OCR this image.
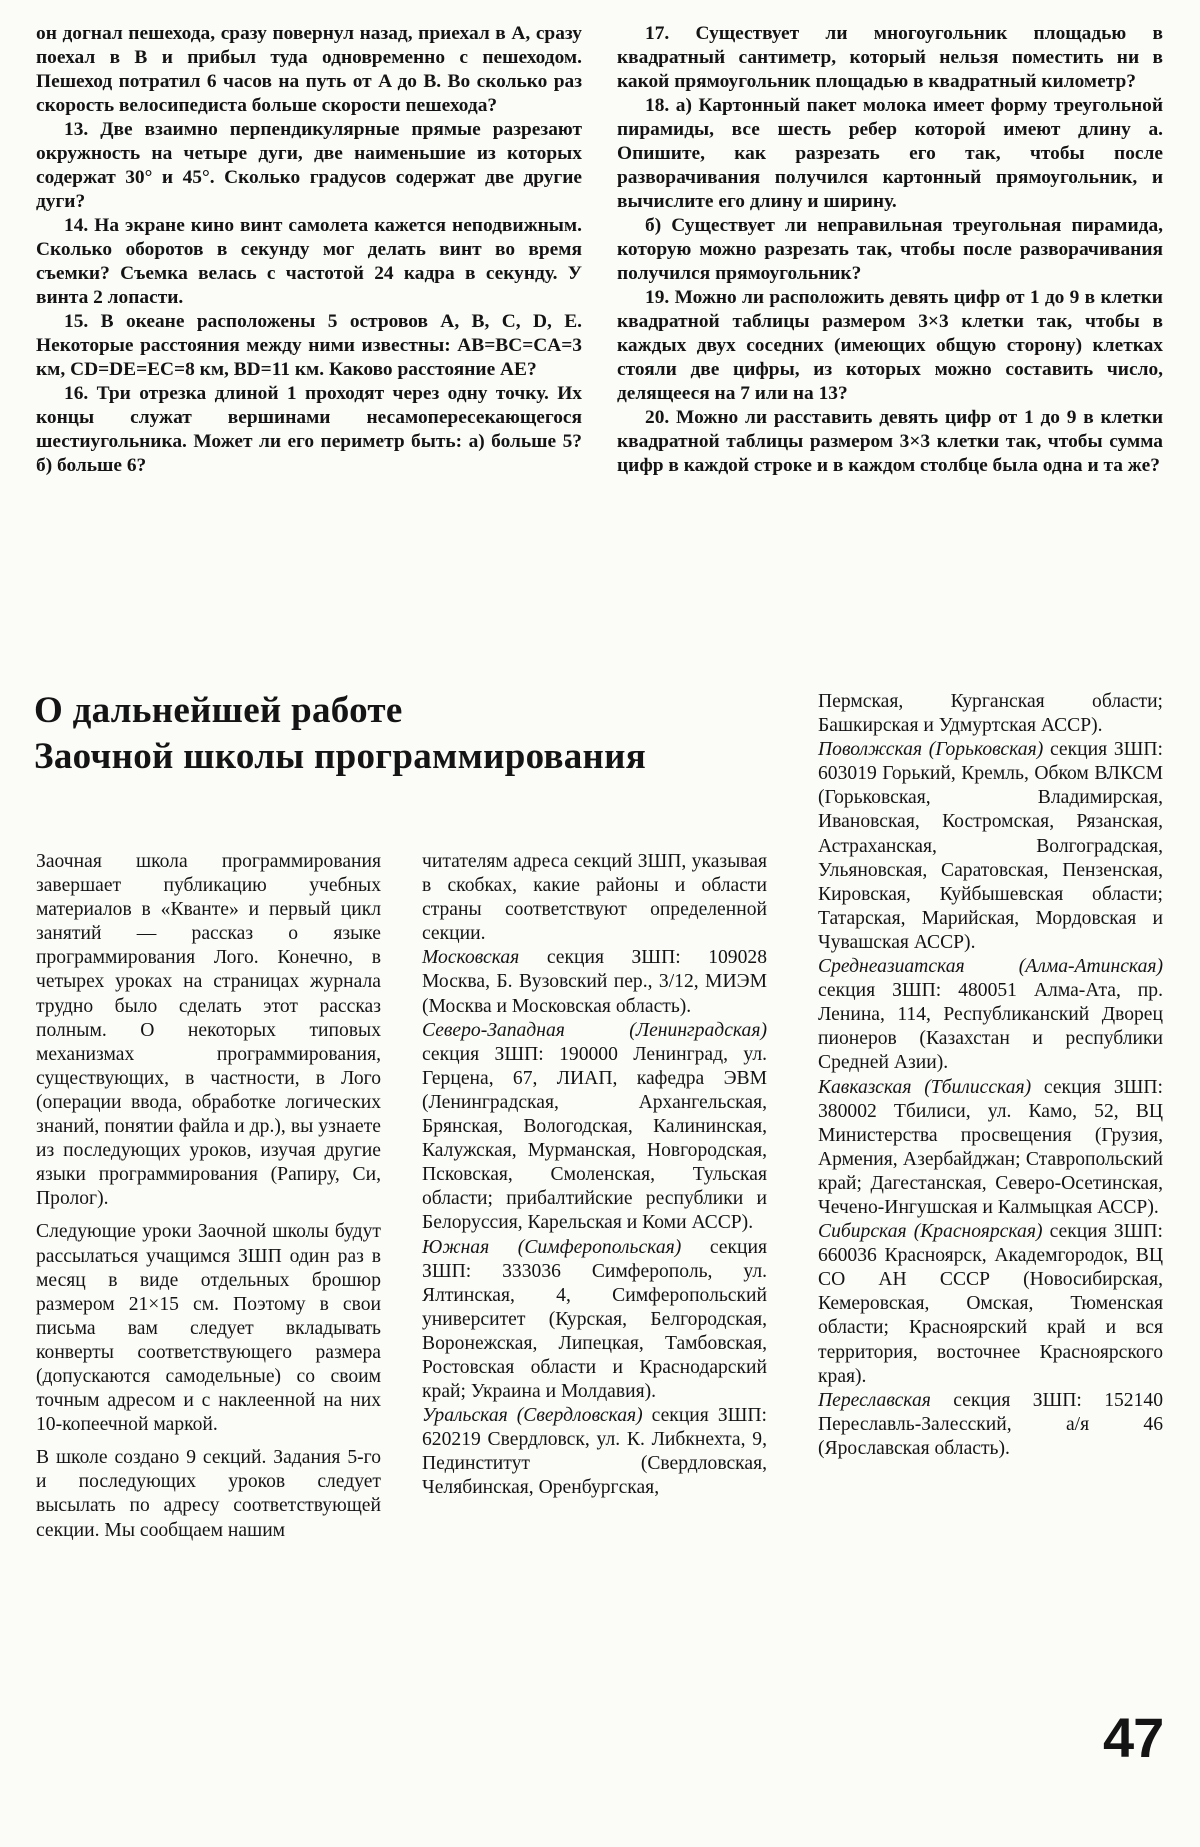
он догнал пешехода, сразу повернул назад, приехал в A, сразу поехал в B и прибыл туда одновременно с пешеходом. Пешеход потратил 6 часов на путь от A до B. Во сколько раз скорость велосипедиста больше скорости пешехода?

13. Две взаимно перпендикулярные прямые разрезают окружность на четыре дуги, две наименьшие из которых содержат 30° и 45°. Сколько градусов содержат две другие дуги?

14. На экране кино винт самолета кажется неподвижным. Сколько оборотов в секунду мог делать винт во время съемки? Съемка велась с частотой 24 кадра в секунду. У винта 2 лопасти.

15. В океане расположены 5 островов A, B, C, D, E. Некоторые расстояния между ними известны: AB=BC=CA=3 км, CD=DE=EC=8 км, BD=11 км. Каково расстояние AE?

16. Три отрезка длиной 1 проходят через одну точку. Их концы служат вершинами несамопересекающегося шестиугольника. Может ли его периметр быть: а) больше 5? б) больше 6?

17. Существует ли многоугольник площадью в квадратный сантиметр, который нельзя поместить ни в какой прямоугольник площадью в квадратный километр?

18. а) Картонный пакет молока имеет форму треугольной пирамиды, все шесть ребер которой имеют длину a. Опишите, как разрезать его так, чтобы после разворачивания получился картонный прямоугольник, и вычислите его длину и ширину.

б) Существует ли неправильная треугольная пирамида, которую можно разрезать так, чтобы после разворачивания получился прямоугольник?

19. Можно ли расположить девять цифр от 1 до 9 в клетки квадратной таблицы размером 3×3 клетки так, чтобы в каждых двух соседних (имеющих общую сторону) клетках стояли две цифры, из которых можно составить число, делящееся на 7 или на 13?

20. Можно ли расставить девять цифр от 1 до 9 в клетки квадратной таблицы размером 3×3 клетки так, чтобы сумма цифр в каждой строке и в каждом столбце была одна и та же?

О дальнейшей работе
Заочной школы программирования

Заочная школа программирования завершает публикацию учебных материалов в «Кванте» и первый цикл занятий — рассказ о языке программирования Лого. Конечно, в четырех уроках на страницах журнала трудно было сделать этот рассказ полным. О некоторых типовых механизмах программирования, существующих, в частности, в Лого (операции ввода, обработке логических знаний, понятии файла и др.), вы узнаете из последующих уроков, изучая другие языки программирования (Рапиру, Си, Пролог).

Следующие уроки Заочной школы будут рассылаться учащимся ЗШП один раз в месяц в виде отдельных брошюр размером 21×15 см. Поэтому в свои письма вам следует вкладывать конверты соответствующего размера (допускаются самодельные) со своим точным адресом и с наклеенной на них 10-копеечной маркой.

В школе создано 9 секций. Задания 5-го и последующих уроков следует высылать по адресу соответствующей секции. Мы сообщаем нашим

читателям адреса секций ЗШП, указывая в скобках, какие районы и области страны соответствуют определенной секции.

Московская секция ЗШП: 109028 Москва, Б. Вузовский пер., 3/12, МИЭМ (Москва и Московская область).

Северо-Западная (Ленинградская) секция ЗШП: 190000 Ленинград, ул. Герцена, 67, ЛИАП, кафедра ЭВМ (Ленинградская, Архангельская, Брянская, Вологодская, Калининская, Калужская, Мурманская, Новгородская, Псковская, Смоленская, Тульская области; прибалтийские республики и Белоруссия, Карельская и Коми АССР).

Южная (Симферопольская) секция ЗШП: 333036 Симферополь, ул. Ялтинская, 4, Симферопольский университет (Курская, Белгородская, Воронежская, Липецкая, Тамбовская, Ростовская области и Краснодарский край; Украина и Молдавия).

Уральская (Свердловская) секция ЗШП: 620219 Свердловск, ул. К. Либкнехта, 9, Пединститут (Свердловская, Челябинская, Оренбургская,

Пермская, Курганская области; Башкирская и Удмуртская АССР).

Поволжская (Горьковская) секция ЗШП: 603019 Горький, Кремль, Обком ВЛКСМ (Горьковская, Владимирская, Ивановская, Костромская, Рязанская, Астраханская, Волгоградская, Ульяновская, Саратовская, Пензенская, Кировская, Куйбышевская области; Татарская, Марийская, Мордовская и Чувашская АССР).

Среднеазиатская (Алма-Атинская) секция ЗШП: 480051 Алма-Ата, пр. Ленина, 114, Республиканский Дворец пионеров (Казахстан и республики Средней Азии).

Кавказская (Тбилисская) секция ЗШП: 380002 Тбилиси, ул. Камо, 52, ВЦ Министерства просвещения (Грузия, Армения, Азербайджан; Ставропольский край; Дагестанская, Северо-Осетинская, Чечено-Ингушская и Калмыцкая АССР).

Сибирская (Красноярская) секция ЗШП: 660036 Красноярск, Академгородок, ВЦ СО АН СССР (Новосибирская, Кемеровская, Омская, Тюменская области; Красноярский край и вся территория, восточнее Красноярского края).

Переславская секция ЗШП: 152140 Переславль-Залесский, а/я 46 (Ярославская область).

47
